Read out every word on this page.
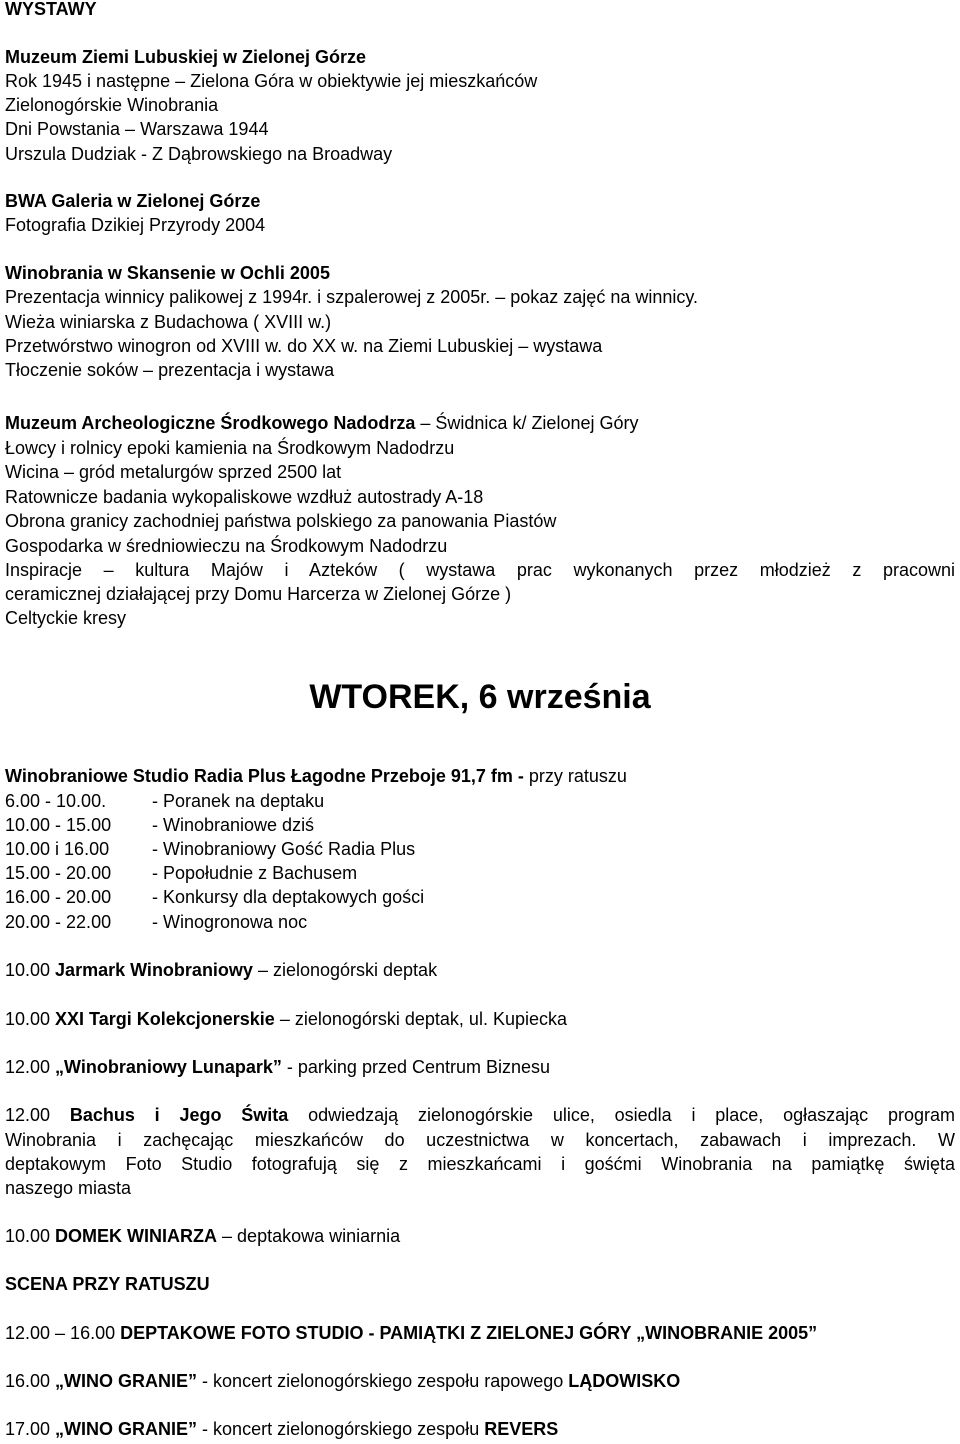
WYSTAWY
Muzeum Ziemi Lubuskiej w Zielonej Górze
Rok 1945 i następne – Zielona Góra w obiektywie jej mieszkańców
Zielonogórskie Winobrania
Dni Powstania – Warszawa 1944
Urszula Dudziak - Z Dąbrowskiego na Broadway
BWA Galeria w Zielonej Górze
Fotografia Dzikiej Przyrody 2004
Winobrania w Skansenie w Ochli 2005
Prezentacja winnicy palikowej z 1994r. i szpalerowej z 2005r. – pokaz zajęć na winnicy.
Wieża winiarska z Budachowa ( XVIII w.)
Przetwórstwo winogron od XVIII w. do XX w. na Ziemi Lubuskiej – wystawa
Tłoczenie soków – prezentacja i wystawa
Muzeum Archeologiczne Środkowego Nadodrza – Świdnica k/ Zielonej Góry
Łowcy i rolnicy epoki kamienia na Środkowym Nadodrzu
Wicina – gród metalurgów sprzed 2500 lat
Ratownicze badania wykopaliskowe wzdłuż autostrady A-18
Obrona granicy zachodniej państwa polskiego za panowania Piastów
Gospodarka w średniowieczu na Środkowym Nadodrzu
Inspiracje – kultura Majów i Azteków ( wystawa prac wykonanych przez młodzież z pracowni
ceramicznej działającej przy Domu Harcerza w Zielonej Górze )
Celtyckie kresy
WTOREK, 6 września
Winobraniowe Studio Radia Plus Łagodne Przeboje 91,7 fm - przy ratuszu
6.00 - 10.00.	- Poranek na deptaku
10.00 - 15.00 - Winobraniowe dziś
10.00 i 16.00 - Winobraniowy Gość Radia Plus
15.00 - 20.00 - Popołudnie z Bachusem
16.00 - 20.00 - Konkursy dla deptakowych gości
20.00 - 22.00 - Winogronowa noc
10.00 Jarmark Winobraniowy – zielonogórski deptak
10.00 XXI Targi Kolekcjonerskie – zielonogórski deptak, ul. Kupiecka
12.00 „Winobraniowy Lunapark” - parking przed Centrum Biznesu
12.00 Bachus i Jego Świta odwiedzają zielonogórskie ulice, osiedla i place, ogłaszając program
Winobrania i zachęcając mieszkańców do uczestnictwa w koncertach, zabawach i imprezach. W
deptakowym Foto Studio fotografują się z mieszkańcami i gośćmi Winobrania na pamiątkę święta
naszego miasta
10.00 DOMEK WINIARZA – deptakowa winiarnia
SCENA PRZY RATUSZU
12.00 – 16.00 DEPTAKOWE FOTO STUDIO - PAMIĄTKI Z ZIELONEJ GÓRY „WINOBRANIE 2005”
16.00 „WINO GRANIE” - koncert zielonogórskiego zespołu rapowego LĄDOWISKO
17.00 „WINO GRANIE” - koncert zielonogórskiego zespołu REVERS
